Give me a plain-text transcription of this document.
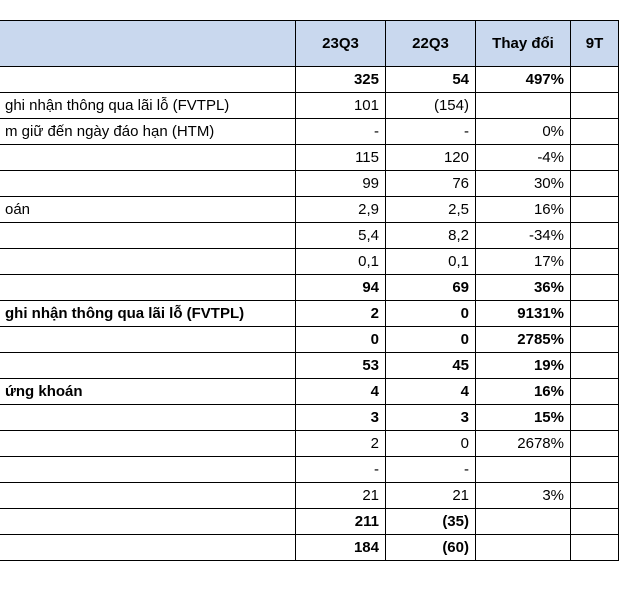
	23Q3	22Q3	Thay đổi	9T
	325	54	497%	
ghi nhận thông qua lãi lỗ (FVTPL)	101	(154)		
m giữ đến ngày đáo hạn (HTM)	-	-	0%	
	115	120	-4%	
	99	76	30%	
oán	2,9	2,5	16%	
	5,4	8,2	-34%	
	0,1	0,1	17%	
	94	69	36%	
ghi nhận thông qua lãi lỗ (FVTPL)	2	0	9131%	
	0	0	2785%	
	53	45	19%	
ứng khoán	4	4	16%	
	3	3	15%	
	2	0	2678%	
	-	-		
	21	21	3%	
	211	(35)		
	184	(60)		
